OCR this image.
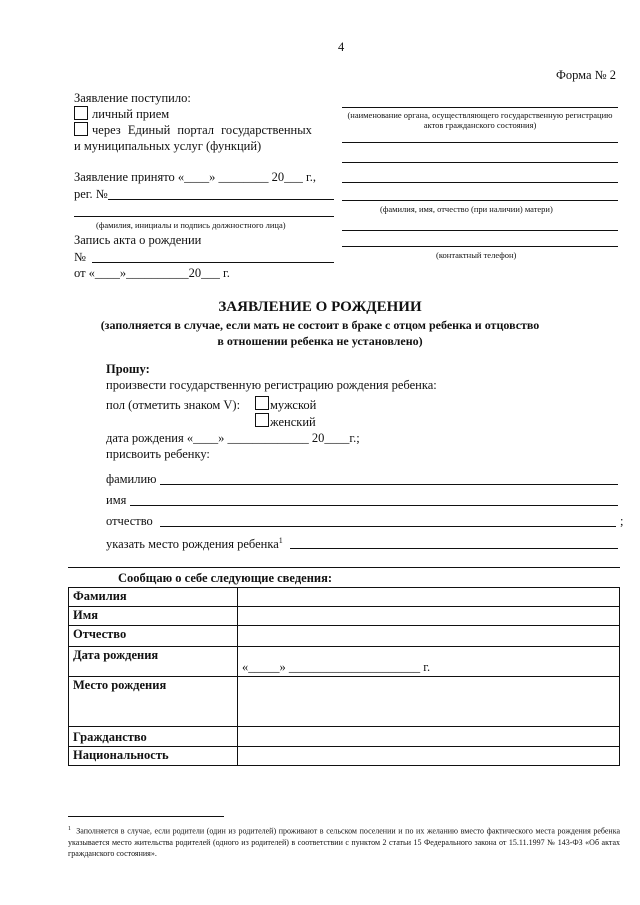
4
Форма № 2
Заявление поступило:
личный прием
через Единый портал государственных
и муниципальных услуг (функций)
(наименование органа, осуществляющего государственную регистрацию актов гражданского состояния)
Заявление принято «____» ________ 20___ г.,
рег. №
(фамилия, инициалы и подпись должностного лица)
(фамилия, имя, отчество (при наличии) матери)
(контактный телефон)
Запись акта о рождении
№
от «____»__________20___ г.
ЗАЯВЛЕНИЕ О РОЖДЕНИИ
(заполняется в случае, если мать не состоит в браке с отцом ребенка и отцовство
в отношении ребенка не установлено)
Прошу:
произвести государственную регистрацию рождения ребенка:
пол (отметить знаком V): мужской
женский
дата рождения «____» _____________ 20____г.;
присвоить ребенку:
фамилию
имя
отчество	;
указать место рождения ребенка$^1$
Сообщаю о себе следующие сведения:
Фамилия	
Имя	
Отчество	
Дата рождения	«_____» _____________________ г.
Место рождения	
Гражданство	
Национальность	
$^1$ Заполняется в случае, если родители (один из родителей) проживают в сельском поселении и по их желанию вместо фактического места рождения ребенка указывается место жительства родителей (одного из родителей) в соответствии с пунктом 2 статьи 15 Федерального закона от 15.11.1997 № 143-ФЗ «Об актах гражданского состояния».
